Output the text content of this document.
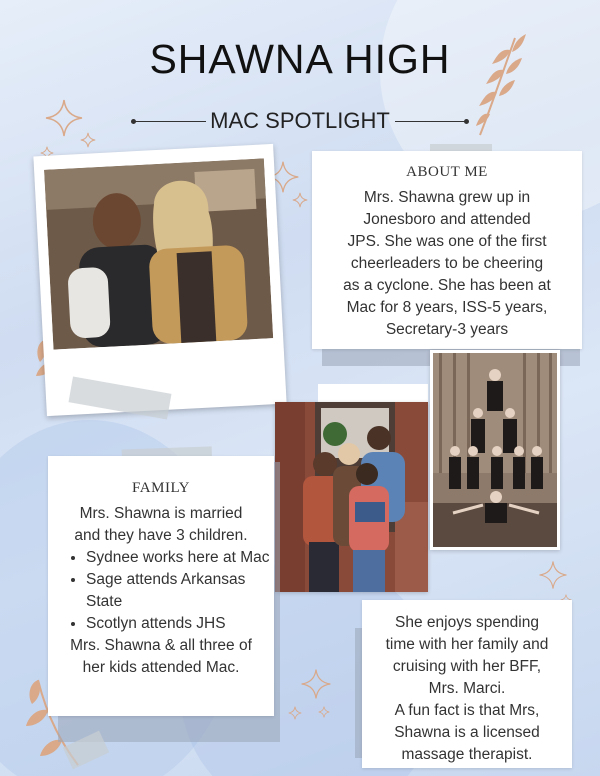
SHAWNA HIGH
MAC SPOTLIGHT
ABOUT ME
Mrs. Shawna grew up in
Jonesboro and attended
JPS. She was one of the first
cheerleaders to be cheering
as a cyclone. She has been at
Mac for 8 years, ISS-5 years,
Secretary-3 years
FAMILY
Mrs. Shawna is married
and they have 3 children.
• Sydnee works here at Mac
• Sage attends Arkansas State
• Scotlyn attends JHS
Mrs. Shawna & all three of
her kids attended Mac.
She enjoys spending
time with her family and
cruising with her BFF,
Mrs. Marci.
A fun fact is that Mrs,
Shawna is a licensed
massage therapist.
